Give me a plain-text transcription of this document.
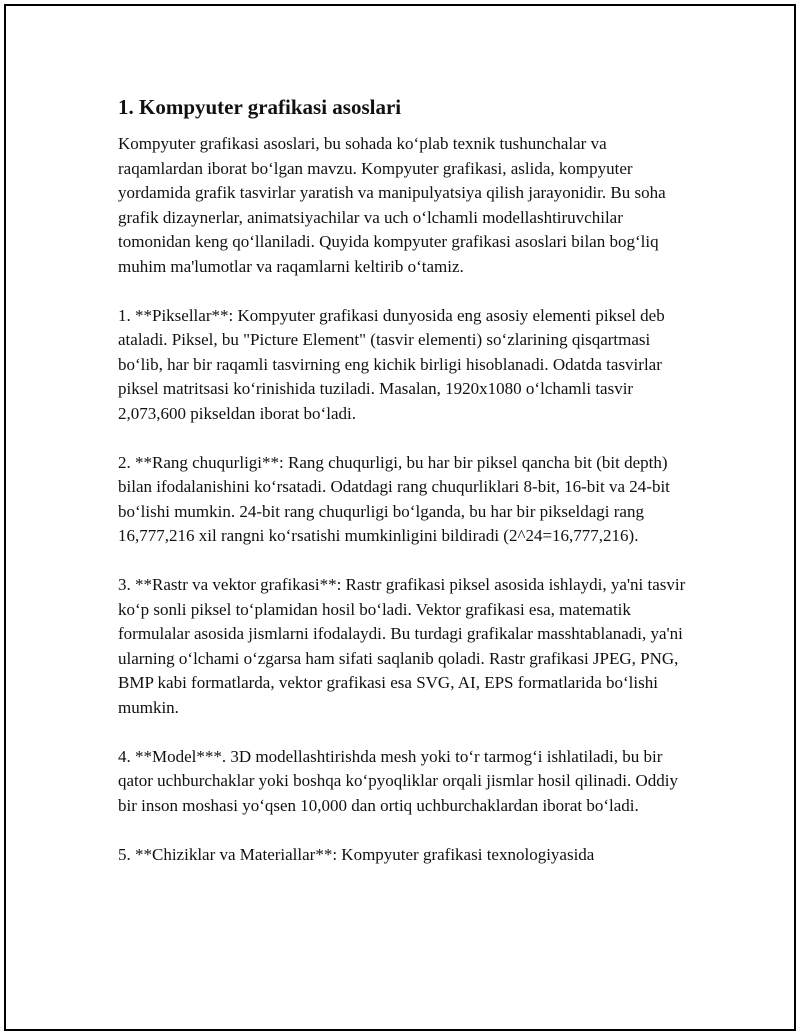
1. Kompyuter grafikasi asoslari

Kompyuter grafikasi asoslari, bu sohada ko‘plab texnik tushunchalar va raqamlardan iborat bo‘lgan mavzu. Kompyuter grafikasi, aslida, kompyuter yordamida grafik tasvirlar yaratish va manipulyatsiya qilish jarayonidir. Bu soha grafik dizaynerlar, animatsiyachilar va uch o‘lchamli modellashtiruvchilar tomonidan keng qo‘llaniladi. Quyida kompyuter grafikasi asoslari bilan bog‘liq muhim ma'lumotlar va raqamlarni keltirib o‘tamiz.

1. **Piksellar**: Kompyuter grafikasi dunyosida eng asosiy elementi piksel deb ataladi. Piksel, bu "Picture Element" (tasvir elementi) so‘zlarining qisqartmasi bo‘lib, har bir raqamli tasvirning eng kichik birligi hisoblanadi. Odatda tasvirlar piksel matritsasi ko‘rinishida tuziladi. Masalan, 1920x1080 o‘lchamli tasvir 2,073,600 pikseldan iborat bo‘ladi.

2. **Rang chuqurligi**: Rang chuqurligi, bu har bir piksel qancha bit (bit depth) bilan ifodalanishini ko‘rsatadi. Odatdagi rang chuqurliklari 8-bit, 16-bit va 24-bit bo‘lishi mumkin. 24-bit rang chuqurligi bo‘lganda, bu har bir pikseldagi rang 16,777,216 xil rangni ko‘rsatishi mumkinligini bildiradi (2^24=16,777,216).

3. **Rastr va vektor grafikasi**: Rastr grafikasi piksel asosida ishlaydi, ya'ni tasvir ko‘p sonli piksel to‘plamidan hosil bo‘ladi. Vektor grafikasi esa, matematik formulalar asosida jismlarni ifodalaydi. Bu turdagi grafikalar masshtablanadi, ya'ni ularning o‘lchami o‘zgarsa ham sifati saqlanib qoladi. Rastr grafikasi JPEG, PNG, BMP kabi formatlarda, vektor grafikasi esa SVG, AI, EPS formatlarida bo‘lishi mumkin.

4. **Model***. 3D modellashtirishda mesh yoki to‘r tarmog‘i ishlatiladi, bu bir qator uchburchaklar yoki boshqa ko‘pyoqliklar orqali jismlar hosil qilinadi. Oddiy bir inson moshasi yo‘qsen 10,000 dan ortiq uchburchaklardan iborat bo‘ladi.

5. **Chiziklar va Materiallar**: Kompyuter grafikasi texnologiyasida
